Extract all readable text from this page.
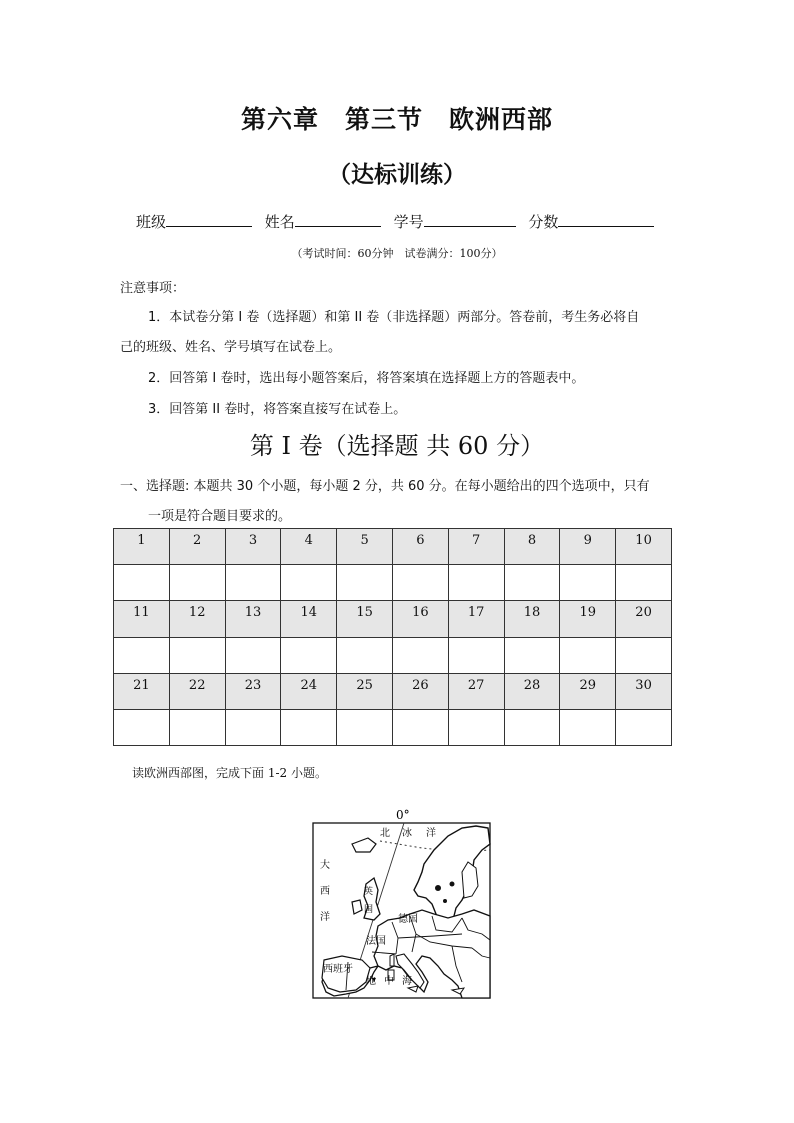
第六章　第三节　欧洲西部
（达标训练）
班级	姓名	学号	分数
（考试时间：60分钟　试卷满分：100分）
注意事项：
1．本试卷分第 I 卷（选择题）和第 II 卷（非选择题）两部分。答卷前，考生务必将自
己的班级、姓名、学号填写在试卷上。
2．回答第 I 卷时，选出每小题答案后，将答案填在选择题上方的答题表中。
3．回答第 II 卷时，将答案直接写在试卷上。
第 I 卷（选择题 共 60 分）
一、选择题: 本题共 30 个小题，每小题 2 分，共 60 分。在每小题给出的四个选项中，只有
一项是符合题目要求的。
1	2	3	4	5	6	7	8	9	10

11	12	13	14	15	16	17	18	19	20

21	22	23	24	25	26	27	28	29	30

读欧洲西部图，完成下面 1-2 小题。
0°
北 冰 洋
大
西
洋
英
国
德国
法国
西班牙
地 中 海
